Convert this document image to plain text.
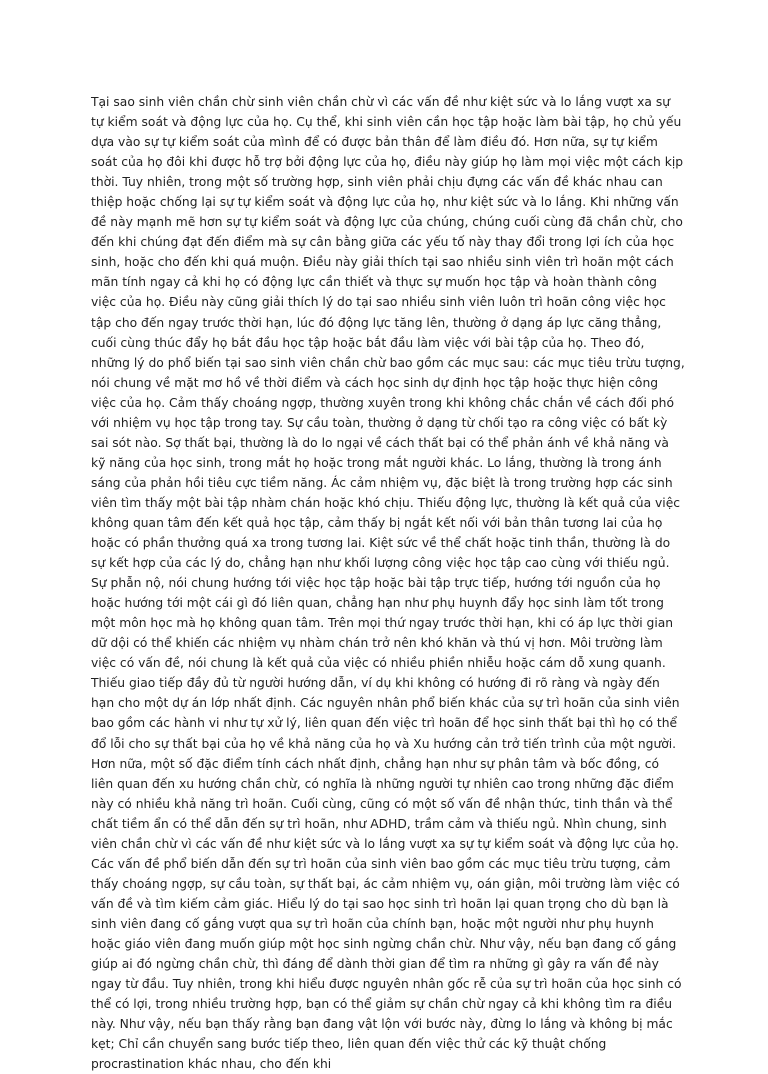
Tại sao sinh viên chần chừ sinh viên chần chừ vì các vấn đề như kiệt sức và lo lắng vượt xa sự tự kiểm soát và động lực của họ. Cụ thể, khi sinh viên cần học tập hoặc làm bài tập, họ chủ yếu dựa vào sự tự kiểm soát của mình để có được bản thân để làm điều đó. Hơn nữa, sự tự kiểm soát của họ đôi khi được hỗ trợ bởi động lực của họ, điều này giúp họ làm mọi việc một cách kịp thời. Tuy nhiên, trong một số trường hợp, sinh viên phải chịu đựng các vấn đề khác nhau can thiệp hoặc chống lại sự tự kiểm soát và động lực của họ, như kiệt sức và lo lắng. Khi những vấn đề này mạnh mẽ hơn sự tự kiểm soát và động lực của chúng, chúng cuối cùng đã chần chừ, cho đến khi chúng đạt đến điểm mà sự cân bằng giữa các yếu tố này thay đổi trong lợi ích của học sinh, hoặc cho đến khi quá muộn. Điều này giải thích tại sao nhiều sinh viên trì hoãn một cách mãn tính ngay cả khi họ có động lực cần thiết và thực sự muốn học tập và hoàn thành công việc của họ. Điều này cũng giải thích lý do tại sao nhiều sinh viên luôn trì hoãn công việc học tập cho đến ngay trước thời hạn, lúc đó động lực tăng lên, thường ở dạng áp lực căng thẳng, cuối cùng thúc đẩy họ bắt đầu học tập hoặc bắt đầu làm việc với bài tập của họ. Theo đó, những lý do phổ biến tại sao sinh viên chần chừ bao gồm các mục sau: các mục tiêu trừu tượng, nói chung về mặt mơ hồ về thời điểm và cách học sinh dự định học tập hoặc thực hiện công việc của họ. Cảm thấy choáng ngợp, thường xuyên trong khi không chắc chắn về cách đối phó với nhiệm vụ học tập trong tay. Sự cầu toàn, thường ở dạng từ chối tạo ra công việc có bất kỳ sai sót nào. Sợ thất bại, thường là do lo ngại về cách thất bại có thể phản ánh về khả năng và kỹ năng của học sinh, trong mắt họ hoặc trong mắt người khác. Lo lắng, thường là trong ánh sáng của phản hồi tiêu cực tiềm năng. Ác cảm nhiệm vụ, đặc biệt là trong trường hợp các sinh viên tìm thấy một bài tập nhàm chán hoặc khó chịu. Thiếu động lực, thường là kết quả của việc không quan tâm đến kết quả học tập, cảm thấy bị ngắt kết nối với bản thân tương lai của họ hoặc có phần thưởng quá xa trong tương lai. Kiệt sức về thể chất hoặc tinh thần, thường là do sự kết hợp của các lý do, chẳng hạn như khối lượng công việc học tập cao cùng với thiếu ngủ. Sự phẫn nộ, nói chung hướng tới việc học tập hoặc bài tập trực tiếp, hướng tới nguồn của họ hoặc hướng tới một cái gì đó liên quan, chẳng hạn như phụ huynh đẩy học sinh làm tốt trong một môn học mà họ không quan tâm. Trên mọi thứ ngay trước thời hạn, khi có áp lực thời gian dữ dội có thể khiến các nhiệm vụ nhàm chán trở nên khó khăn và thú vị hơn. Môi trường làm việc có vấn đề, nói chung là kết quả của việc có nhiều phiền nhiễu hoặc cám dỗ xung quanh. Thiếu giao tiếp đầy đủ từ người hướng dẫn, ví dụ khi không có hướng đi rõ ràng và ngày đến hạn cho một dự án lớp nhất định. Các nguyên nhân phổ biến khác của sự trì hoãn của sinh viên bao gồm các hành vi như tự xử lý, liên quan đến việc trì hoãn để học sinh thất bại thì họ có thể đổ lỗi cho sự thất bại của họ về khả năng của họ và Xu hướng cản trở tiến trình của một người. Hơn nữa, một số đặc điểm tính cách nhất định, chẳng hạn như sự phân tâm và bốc đồng, có liên quan đến xu hướng chần chừ, có nghĩa là những người tự nhiên cao trong những đặc điểm này có nhiều khả năng trì hoãn. Cuối cùng, cũng có một số vấn đề nhận thức, tinh thần và thể chất tiềm ẩn có thể dẫn đến sự trì hoãn, như ADHD, trầm cảm và thiếu ngủ. Nhìn chung, sinh viên chần chừ vì các vấn đề như kiệt sức và lo lắng vượt xa sự tự kiểm soát và động lực của họ. Các vấn đề phổ biến dẫn đến sự trì hoãn của sinh viên bao gồm các mục tiêu trừu tượng, cảm thấy choáng ngợp, sự cầu toàn, sự thất bại, ác cảm nhiệm vụ, oán giận, môi trường làm việc có vấn đề và tìm kiếm cảm giác. Hiểu lý do tại sao học sinh trì hoãn lại quan trọng cho dù bạn là sinh viên đang cố gắng vượt qua sự trì hoãn của chính bạn, hoặc một người như phụ huynh hoặc giáo viên đang muốn giúp một học sinh ngừng chần chừ. Như vậy, nếu bạn đang cố gắng giúp ai đó ngừng chần chừ, thì đáng để dành thời gian để tìm ra những gì gây ra vấn đề này ngay từ đầu. Tuy nhiên, trong khi hiểu được nguyên nhân gốc rễ của sự trì hoãn của học sinh có thể có lợi, trong nhiều trường hợp, bạn có thể giảm sự chần chừ ngay cả khi không tìm ra điều này. Như vậy, nếu bạn thấy rằng bạn đang vật lộn với bước này, đừng lo lắng và không bị mắc kẹt; Chỉ cần chuyển sang bước tiếp theo, liên quan đến việc thử các kỹ thuật chống procrastination khác nhau, cho đến khi
